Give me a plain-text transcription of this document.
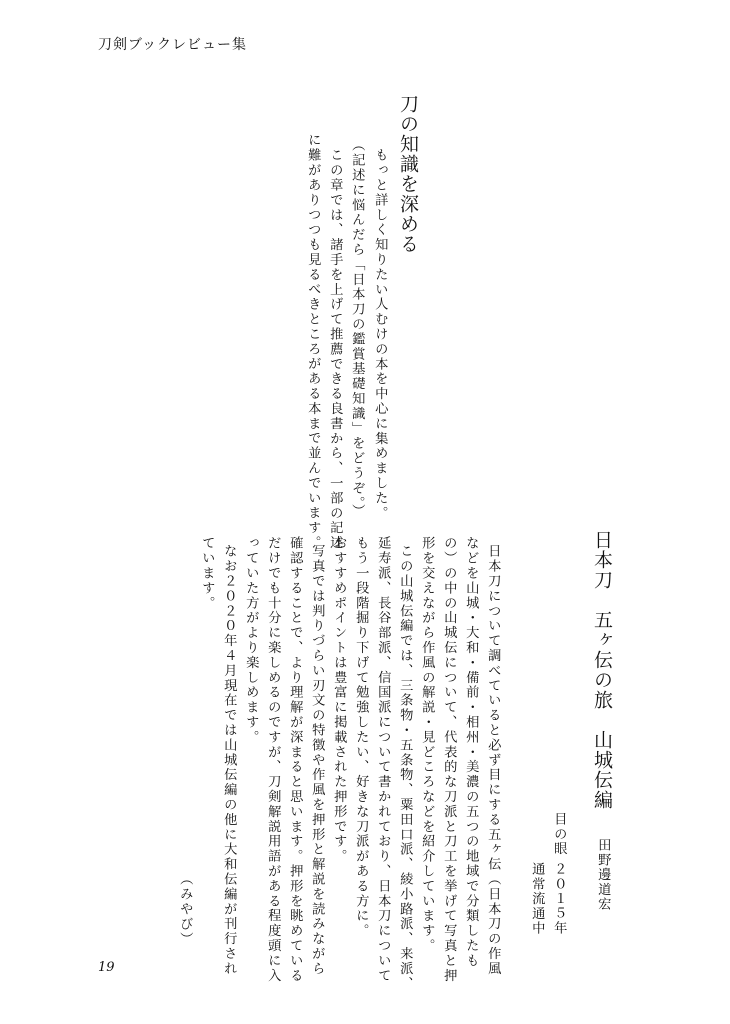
刀剣ブックレビュー集
刀の知識を深める
もっと詳しく知りたい人むけの本を中心に集めました。
（記述に悩んだら「日本刀の鑑賞基礎知識」をどうぞ。）
この章では、諸手を上げて推薦できる良書から、一部の記述
に難がありつつも見るべきところがある本まで並んでいます。
日本刀　五ヶ伝の旅　山城伝編
田野邊道宏
目の眼
２０１５年
通常流通中
日本刀について調べていると必ず目にする五ヶ伝（日本刀の作風
などを山城・大和・備前・相州・美濃の五つの地域で分類したも
の）の中の山城伝について、代表的な刀派と刀工を挙げて写真と押
形を交えながら作風の解説・見どころなどを紹介しています。
この山城伝編では、三条物・五条物、粟田口派、綾小路派、来派、
延寿派、長谷部派、信国派について書かれており、日本刀について
もう一段階掘り下げて勉強したい、好きな刀派がある方に。
おすすめポイントは豊富に掲載された押形です。
写真では判りづらい刃文の特徴や作風を押形と解説を読みながら
確認することで、より理解が深まると思います。押形を眺めている
だけでも十分に楽しめるのですが、刀剣解説用語がある程度頭に入
っていた方がより楽しめます。
なお２０２０年４月現在では山城伝編の他に大和伝編が刊行され
ています。
（みやび）
19
